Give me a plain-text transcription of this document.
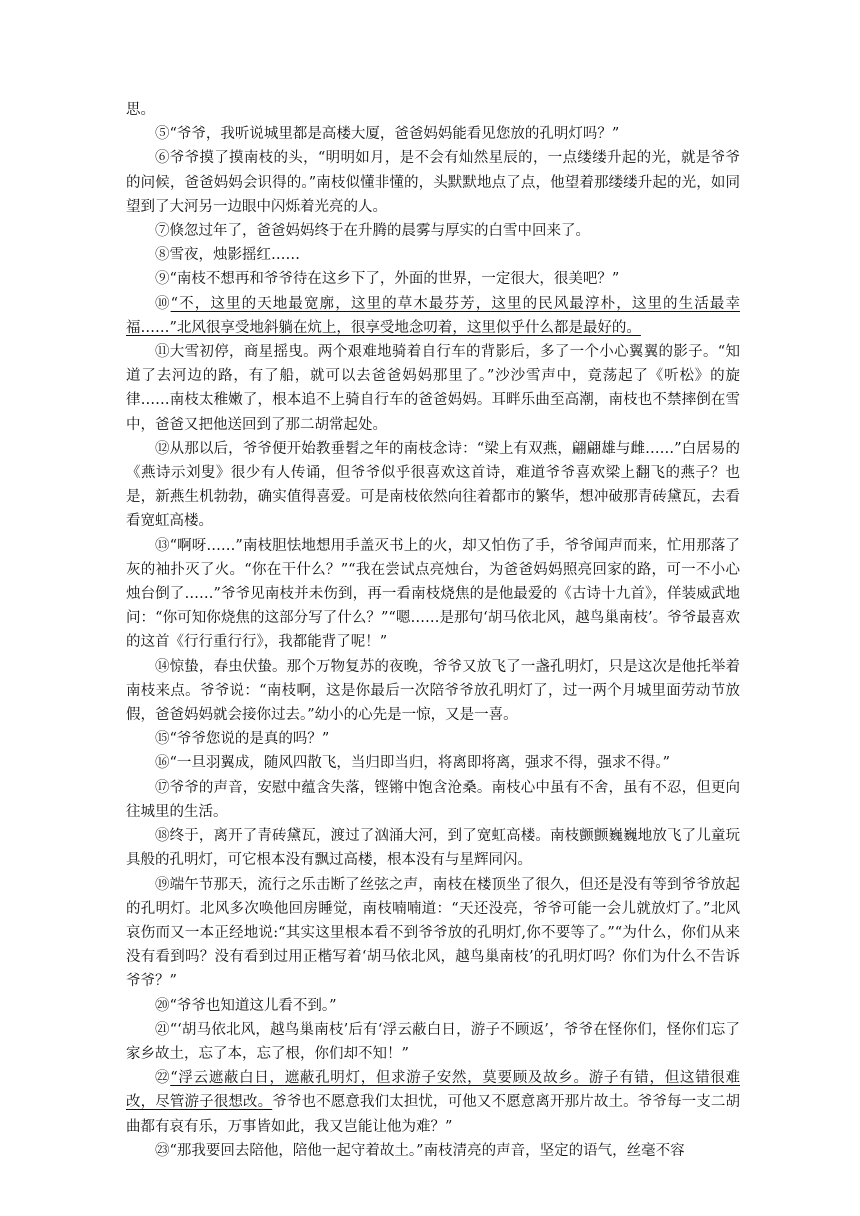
思。

⑤“爷爷，我听说城里都是高楼大厦，爸爸妈妈能看见您放的孔明灯吗？”

⑥爷爷摸了摸南枝的头，“明明如月，是不会有灿然星辰的，一点缕缕升起的光，就是爷爷的问候，爸爸妈妈会识得的。”南枝似懂非懂的，头默默地点了点，他望着那缕缕升起的光，如同望到了大河另一边眼中闪烁着光亮的人。

⑦倏忽过年了，爸爸妈妈终于在升腾的晨雾与厚实的白雪中回来了。

⑧雪夜，烛影摇红……

⑨“南枝不想再和爷爷待在这乡下了，外面的世界，一定很大，很美吧？”

⑩“不，这里的天地最宽廓，这里的草木最芬芳，这里的民风最淳朴，这里的生活最幸福……”北风很享受地斜躺在炕上，很享受地念叨着，这里似乎什么都是最好的。

⑪大雪初停，商星摇曳。两个艰难地骑着自行车的背影后，多了一个小心翼翼的影子。“知道了去河边的路，有了船，就可以去爸爸妈妈那里了。”沙沙雪声中，竟荡起了《听松》的旋律……南枝太稚嫩了，根本追不上骑自行车的爸爸妈妈。耳畔乐曲至高潮，南枝也不禁摔倒在雪中，爸爸又把他送回到了那二胡常起处。

⑫从那以后，爷爷便开始教垂髫之年的南枝念诗：“梁上有双燕，翩翩雄与雌……”白居易的《燕诗示刘叟》很少有人传诵，但爷爷似乎很喜欢这首诗，难道爷爷喜欢梁上翻飞的燕子？也是，新燕生机勃勃，确实值得喜爱。可是南枝依然向往着都市的繁华，想冲破那青砖黛瓦，去看看宽虹高楼。

⑬“啊呀……”南枝胆怯地想用手盖灭书上的火，却又怕伤了手，爷爷闻声而来，忙用那落了灰的袖扑灭了火。“你在干什么？”“我在尝试点亮烛台，为爸爸妈妈照亮回家的路，可一不小心烛台倒了……”爷爷见南枝并未伤到，再一看南枝烧焦的是他最爱的《古诗十九首》，佯装威武地问：“你可知你烧焦的这部分写了什么？”“嗯……是那句‘胡马依北风，越鸟巢南枝’。爷爷最喜欢的这首《行行重行行》，我都能背了呢！”

⑭惊蛰，春虫伏蛰。那个万物复苏的夜晚，爷爷又放飞了一盏孔明灯，只是这次是他托举着南枝来点。爷爷说：“南枝啊，这是你最后一次陪爷爷放孔明灯了，过一两个月城里面劳动节放假，爸爸妈妈就会接你过去。”幼小的心先是一惊，又是一喜。

⑮“爷爷您说的是真的吗？”

⑯“一旦羽翼成，随风四散飞，当归即当归，将离即将离，强求不得，强求不得。”

⑰爷爷的声音，安慰中蕴含失落，铿锵中饱含沧桑。南枝心中虽有不舍，虽有不忍，但更向往城里的生活。

⑱终于，离开了青砖黛瓦，渡过了汹涌大河，到了宽虹高楼。南枝颤颤巍巍地放飞了儿童玩具般的孔明灯，可它根本没有飘过高楼，根本没有与星辉同闪。

⑲端午节那天，流行之乐击断了丝弦之声，南枝在楼顶坐了很久，但还是没有等到爷爷放起的孔明灯。北风多次唤他回房睡觉，南枝喃喃道：“天还没亮，爷爷可能一会儿就放灯了。”北风哀伤而又一本正经地说:“其实这里根本看不到爷爷放的孔明灯,你不要等了。”“为什么，你们从来没有看到吗？没有看到过用正楷写着‘胡马依北风，越鸟巢南枝’的孔明灯吗？你们为什么不告诉爷爷？”

⑳“爷爷也知道这儿看不到。”

㉑“‘胡马依北风，越鸟巢南枝’后有‘浮云蔽白日，游子不顾返’，爷爷在怪你们，怪你们忘了家乡故土，忘了本，忘了根，你们却不知！”

㉒“浮云遮蔽白日，遮蔽孔明灯，但求游子安然，莫要顾及故乡。游子有错，但这错很难改，尽管游子很想改。爷爷也不愿意我们太担忧，可他又不愿意离开那片故土。爷爷每一支二胡曲都有哀有乐，万事皆如此，我又岂能让他为难？”

㉓“那我要回去陪他，陪他一起守着故土。”南枝清亮的声音，坚定的语气，丝毫不容
